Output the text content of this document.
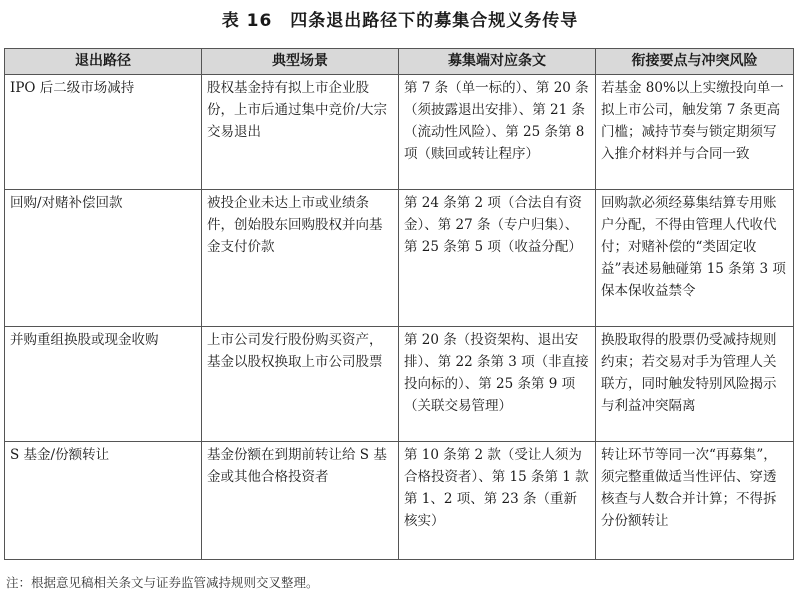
表 16　四条退出路径下的募集合规义务传导
退出路径	典型场景	募集端对应条文	衔接要点与冲突风险
IPO 后二级市场减持	股权基金持有拟上市企业股份，上市后通过集中竞价/大宗交易退出	第 7 条（单一标的）、第 20 条（须披露退出安排）、第 21 条（流动性风险）、第 25 条第 8 项（赎回或转让程序）	若基金 80%以上实缴投向单一拟上市公司，触发第 7 条更高门槛；减持节奏与锁定期须写入推介材料并与合同一致
回购/对赌补偿回款	被投企业未达上市或业绩条件，创始股东回购股权并向基金支付价款	第 24 条第 2 项（合法自有资金）、第 27 条（专户归集）、第 25 条第 5 项（收益分配）	回购款必须经募集结算专用账户分配，不得由管理人代收代付；对赌补偿的“类固定收益”表述易触碰第 15 条第 3 项保本保收益禁令
并购重组换股或现金收购	上市公司发行股份购买资产，基金以股权换取上市公司股票	第 20 条（投资架构、退出安排）、第 22 条第 3 项（非直接投向标的）、第 25 条第 9 项（关联交易管理）	换股取得的股票仍受减持规则约束；若交易对手为管理人关联方，同时触发特别风险揭示与利益冲突隔离
S 基金/份额转让	基金份额在到期前转让给 S 基金或其他合格投资者	第 10 条第 2 款（受让人须为合格投资者）、第 15 条第 1 款第 1、2 项、第 23 条（重新核实）	转让环节等同一次“再募集”，须完整重做适当性评估、穿透核查与人数合并计算；不得拆分份额转让
注：根据意见稿相关条文与证券监管减持规则交叉整理。
